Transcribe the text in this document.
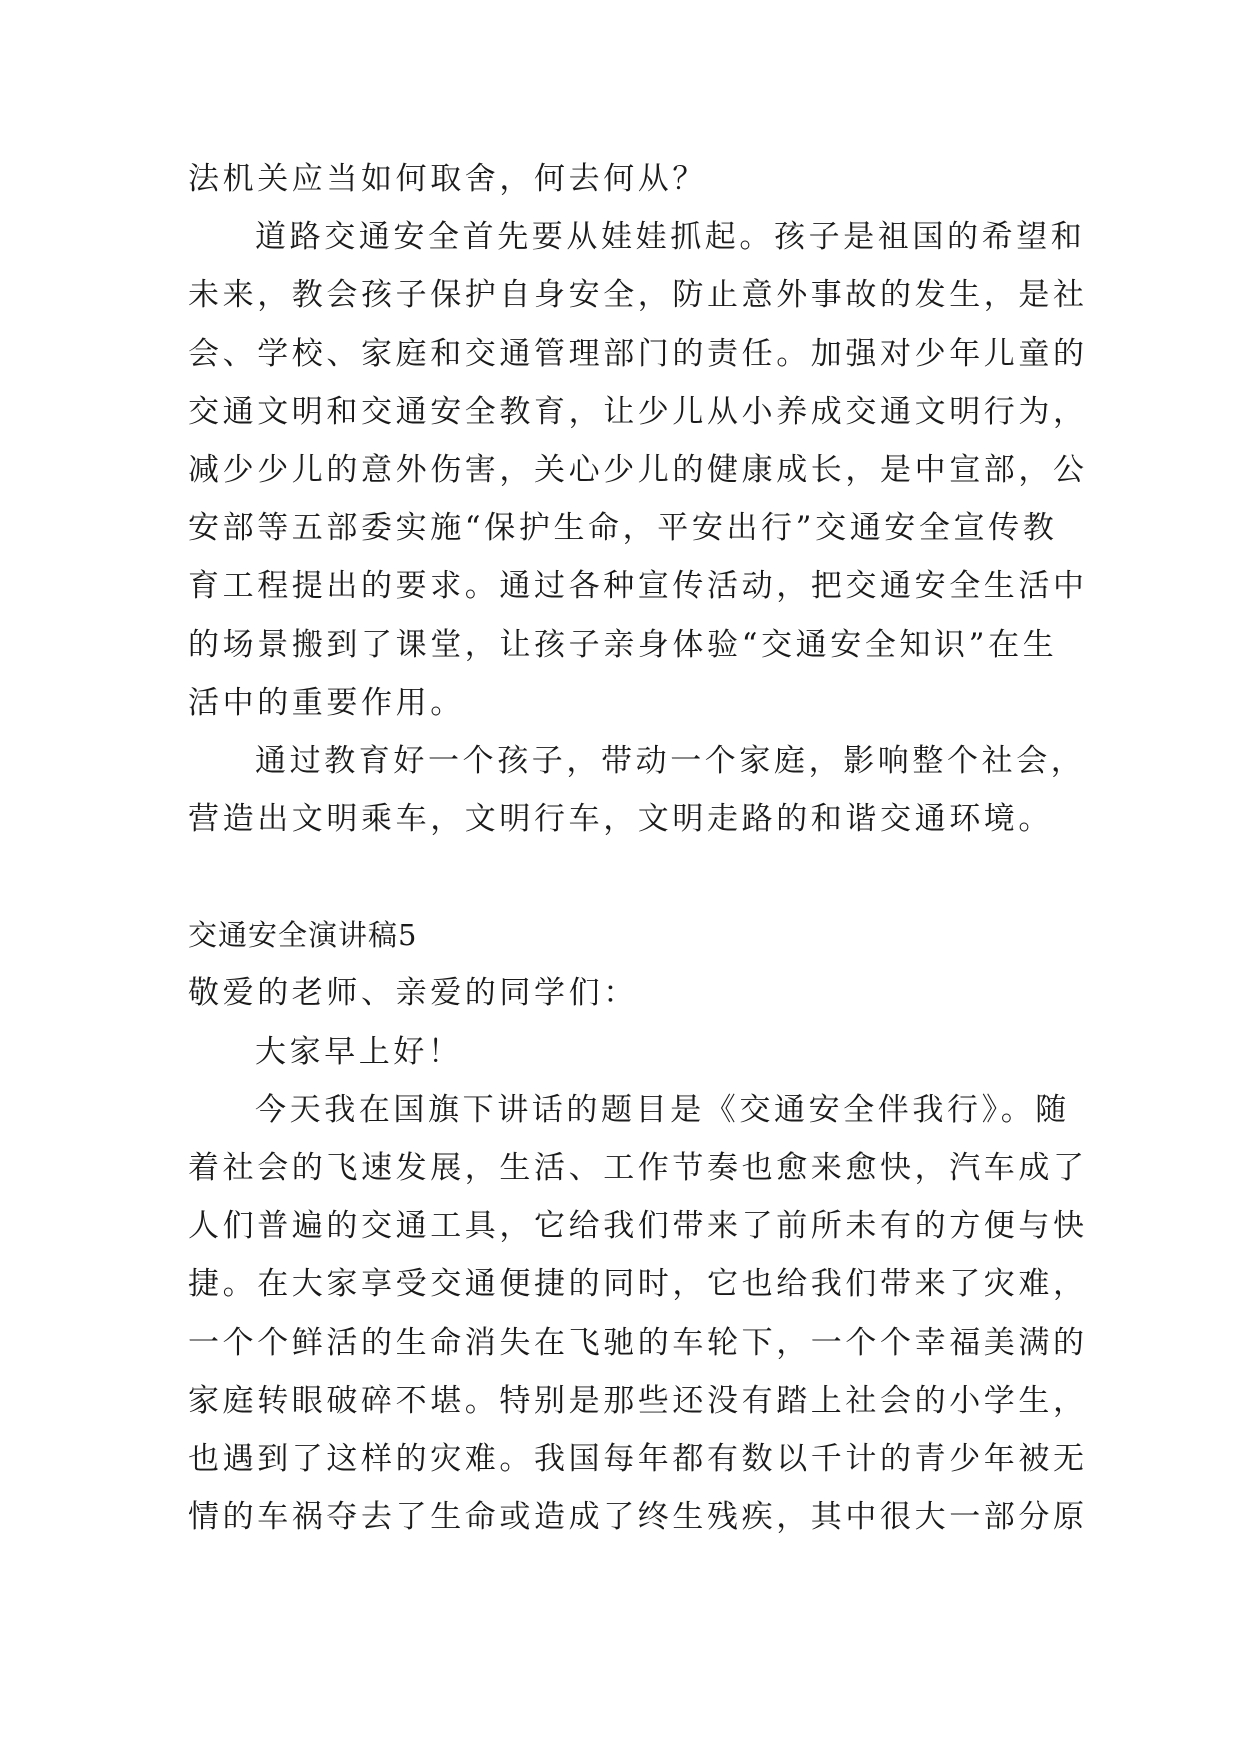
法机关应当如何取舍，何去何从？
道路交通安全首先要从娃娃抓起。孩子是祖国的希望和
未来，教会孩子保护自身安全，防止意外事故的发生，是社
会、学校、家庭和交通管理部门的责任。加强对少年儿童的
交通文明和交通安全教育，让少儿从小养成交通文明行为，
减少少儿的意外伤害，关心少儿的健康成长，是中宣部，公
安部等五部委实施“保护生命，平安出行”交通安全宣传教
育工程提出的要求。通过各种宣传活动，把交通安全生活中
的场景搬到了课堂，让孩子亲身体验“交通安全知识”在生
活中的重要作用。
通过教育好一个孩子，带动一个家庭，影响整个社会，
营造出文明乘车，文明行车，文明走路的和谐交通环境。
交通安全演讲稿5
敬爱的老师、亲爱的同学们：
大家早上好！
今天我在国旗下讲话的题目是《交通安全伴我行》。随
着社会的飞速发展，生活、工作节奏也愈来愈快，汽车成了
人们普遍的交通工具，它给我们带来了前所未有的方便与快
捷。在大家享受交通便捷的同时，它也给我们带来了灾难，
一个个鲜活的生命消失在飞驰的车轮下，一个个幸福美满的
家庭转眼破碎不堪。特别是那些还没有踏上社会的小学生，
也遇到了这样的灾难。我国每年都有数以千计的青少年被无
情的车祸夺去了生命或造成了终生残疾，其中很大一部分原
